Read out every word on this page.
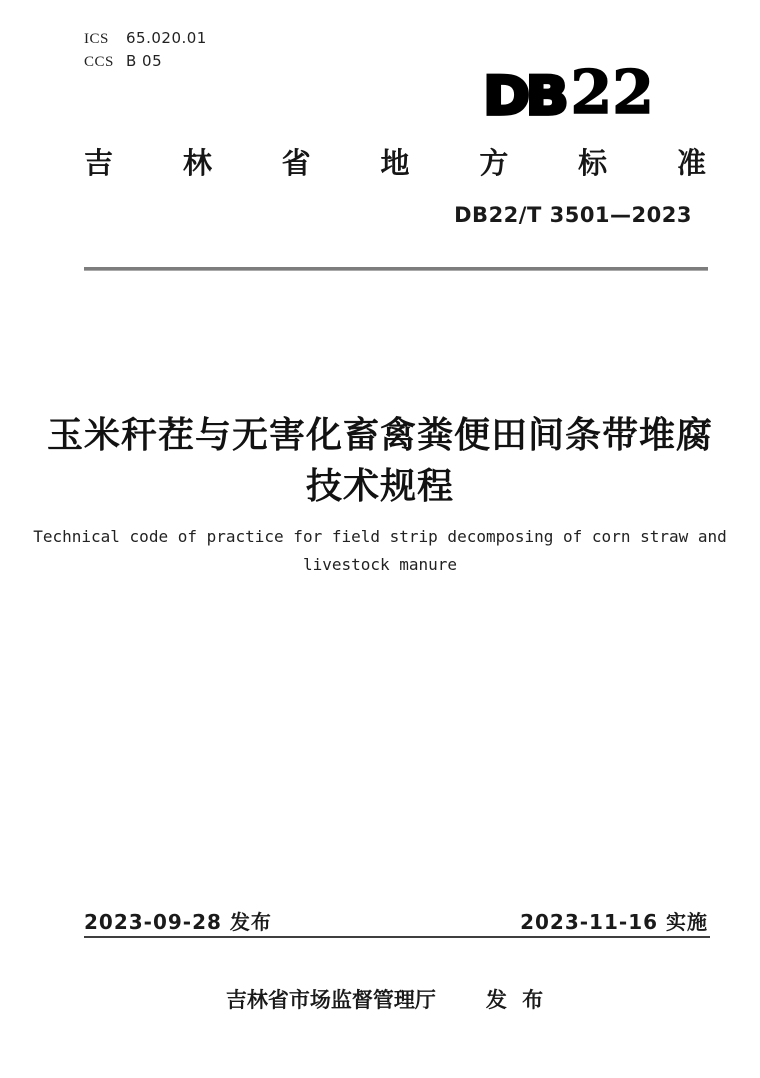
ICS	65.020.01
CCS B 05
DB 22
吉 林 省 地 方 标 准
DB22/T 3501—2023
玉米秆茬与无害化畜禽粪便田间条带堆腐
技术规程
Technical code of practice for field strip decomposing of corn straw and
livestock manure
2023-09-28 发布	2023-11-16 实施
吉林省市场监督管理厅 发 布
